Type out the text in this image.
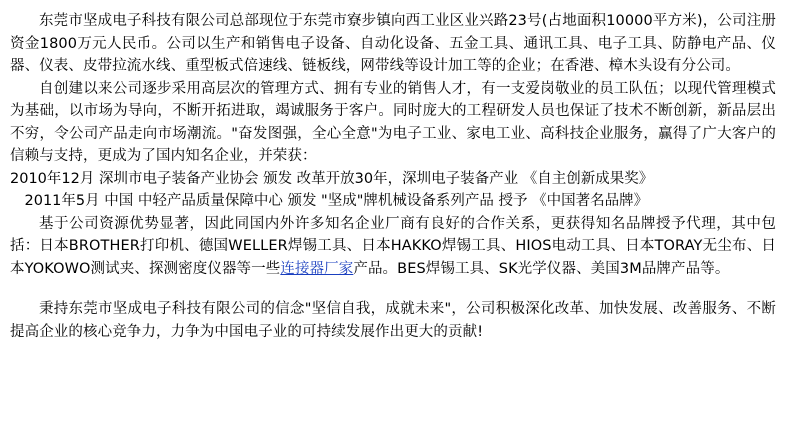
东莞市坚成电子科技有限公司总部现位于东莞市寮步镇向西工业区业兴路23号(占地面积10000平方米)，公司注册资金1800万元人民币。公司以生产和销售电子设备、自动化设备、五金工具、通讯工具、电子工具、防静电产品、仪器、仪表、皮带拉流水线、重型板式倍速线、链板线，网带线等设计加工等的企业；在香港、樟木头设有分公司。

自创建以来公司逐步采用高层次的管理方式、拥有专业的销售人才，有一支爱岗敬业的员工队伍；以现代管理模式为基础，以市场为导向，不断开拓进取，竭诚服务于客户。同时庞大的工程研发人员也保证了技术不断创新，新品层出不穷，令公司产品走向市场潮流。"奋发图强，全心全意"为电子工业、家电工业、高科技企业服务，赢得了广大客户的信赖与支持，更成为了国内知名企业，并荣获：

2010年12月 深圳市电子装备产业协会 颁发 改革开放30年，深圳电子装备产业 《自主创新成果奖》

2011年5月 中国 中轻产品质量保障中心 颁发 "坚成"牌机械设备系列产品 授予 《中国著名品牌》

基于公司资源优势显著，因此同国内外许多知名企业厂商有良好的合作关系，更获得知名品牌授予代理，其中包括：日本BROTHER打印机、德国WELLER焊锡工具、日本HAKKO焊锡工具、HIOS电动工具、日本TORAY无尘布、日本YOKOWO测试夹、探测密度仪器等一些连接器厂家产品。BES焊锡工具、SK光学仪器、美国3M品牌产品等。

秉持东莞市坚成电子科技有限公司的信念"坚信自我，成就未来"，公司积极深化改革、加快发展、改善服务、不断提高企业的核心竞争力，力争为中国电子业的可持续发展作出更大的贡献!
